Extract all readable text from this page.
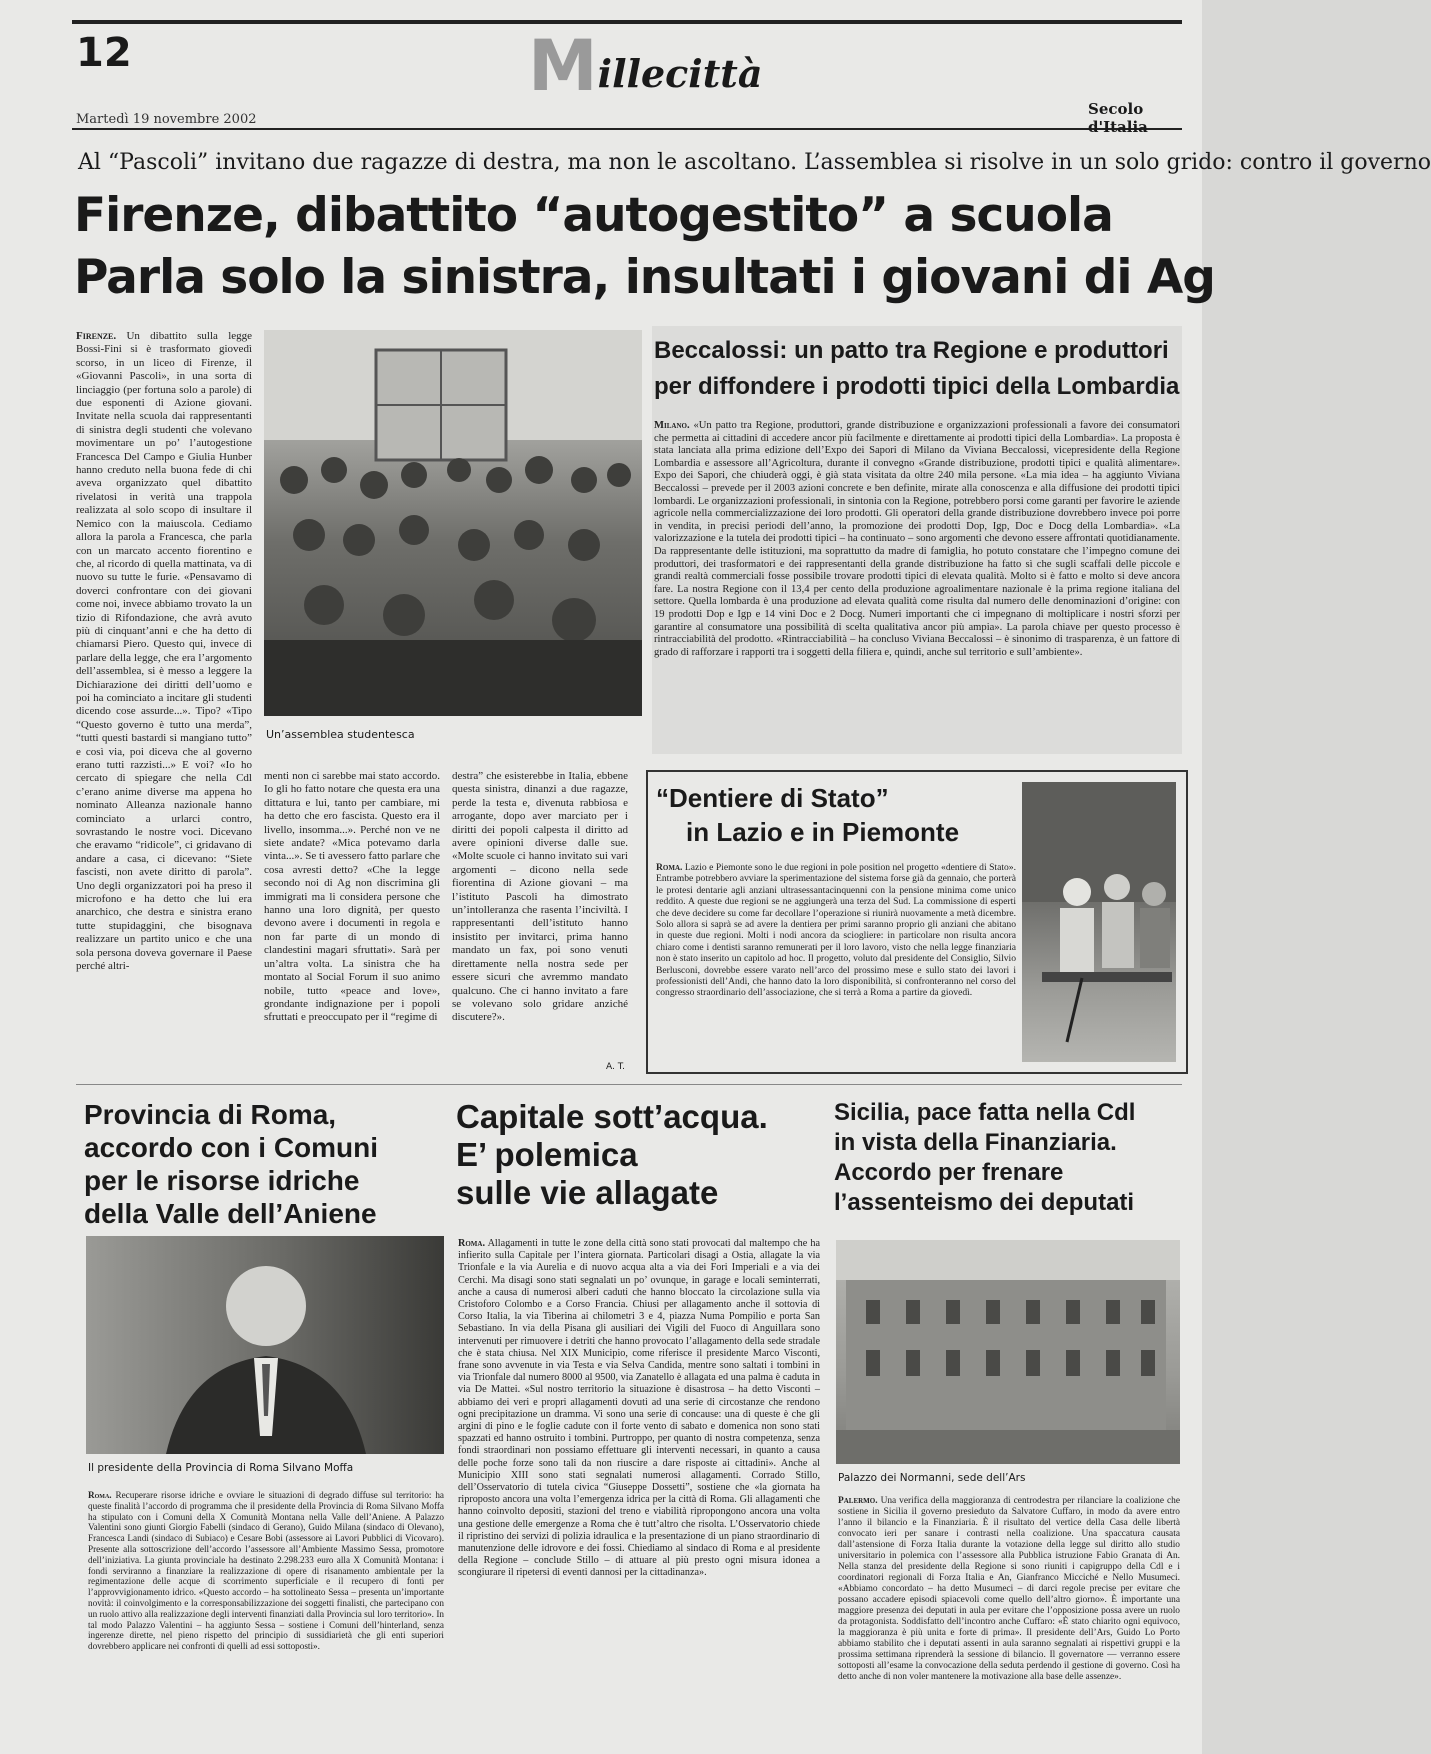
12	M illecittà
Martedì 19 novembre 2002
Secolo d'Italia
Al “Pascoli” invitano due ragazze di destra, ma non le ascoltano. L’assemblea si risolve in un solo grido: contro il governo
Firenze, dibattito “autogestito” a scuola
Parla solo la sinistra, insultati i giovani di Ag
Firenze. Un dibattito sulla legge Bossi-Fini si è trasformato giovedì scorso, in un liceo di Firenze, il «Giovanni Pascoli», in una sorta di linciaggio (per fortuna solo a parole) di due esponenti di Azione giovani. Invitate nella scuola dai rappresentanti di sinistra degli studenti che volevano movimentare un po’ l’autogestione Francesca Del Campo e Giulia Hunber hanno creduto nella buona fede di chi aveva organizzato quel dibattito rivelatosi in verità una trappola realizzata al solo scopo di insultare il Nemico con la maiuscola. Cediamo allora la parola a Francesca, che parla con un marcato accento fiorentino e che, al ricordo di quella mattinata, va di nuovo su tutte le furie. «Pensavamo di doverci confrontare con dei giovani come noi, invece abbiamo trovato la un tizio di Rifondazione, che avrà avuto più di cinquant’anni e che ha detto di chiamarsi Piero. Questo qui, invece di parlare della legge, che era l’argomento dell’assemblea, si è messo a leggere la Dichiarazione dei diritti dell’uomo e poi ha cominciato a incitare gli studenti dicendo cose assurde...». Tipo? «Tipo “Questo governo è tutto una merda”, “tutti questi bastardi si mangiano tutto” e così via, poi diceva che al governo erano tutti razzisti...» E voi? «Io ho cercato di spiegare che nella Cdl c’erano anime diverse ma appena ho nominato Alleanza nazionale hanno cominciato a urlarci contro, sovrastando le nostre voci. Dicevano che eravamo “ridicole”, ci gridavano di andare a casa, ci dicevano: “Siete fascisti, non avete diritto di parola”. Uno degli organizzatori poi ha preso il microfono e ha detto che lui era anarchico, che destra e sinistra erano tutte stupidaggini, che bisognava realizzare un partito unico e che una sola persona doveva governare il Paese perché altri-
Un’assemblea studentesca
menti non ci sarebbe mai stato accordo. Io gli ho fatto notare che questa era una dittatura e lui, tanto per cambiare, mi ha detto che ero fascista. Questo era il livello, insomma...». Perché non ve ne siete andate? «Mica potevamo darla vinta...». Se ti avessero fatto parlare che cosa avresti detto? «Che la legge secondo noi di Ag non discrimina gli immigrati ma li considera persone che hanno una loro dignità, per questo devono avere i documenti in regola e non far parte di un mondo di clandestini magari sfruttati». Sarà per un’altra volta. La sinistra che ha montato al Social Forum il suo animo nobile, tutto «peace and love», grondante indignazione per i popoli sfruttati e preoccupato per il “regime di
destra” che esisterebbe in Italia, ebbene questa sinistra, dinanzi a due ragazze, perde la testa e, divenuta rabbiosa e arrogante, dopo aver marciato per i diritti dei popoli calpesta il diritto ad avere opinioni diverse dalle sue. «Molte scuole ci hanno invitato sui vari argomenti – dicono nella sede fiorentina di Azione giovani – ma l’istituto Pascoli ha dimostrato un’intolleranza che rasenta l’inciviltà. I rappresentanti dell’istituto hanno insistito per invitarci, prima hanno mandato un fax, poi sono venuti direttamente nella nostra sede per essere sicuri che avremmo mandato qualcuno. Che ci hanno invitato a fare se volevano solo gridare anziché discutere?».
A. T.
Beccalossi: un patto tra Regione e produttori
per diffondere i prodotti tipici della Lombardia
Milano. «Un patto tra Regione, produttori, grande distribuzione e organizzazioni professionali a favore dei consumatori che permetta ai cittadini di accedere ancor più facilmente e direttamente ai prodotti tipici della Lombardia». La proposta è stata lanciata alla prima edizione dell’Expo dei Sapori di Milano da Viviana Beccalossi, vicepresidente della Regione Lombardia e assessore all’Agricoltura, durante il convegno «Grande distribuzione, prodotti tipici e qualità alimentare». Expo dei Sapori, che chiuderà oggi, è già stata visitata da oltre 240 mila persone. «La mia idea – ha aggiunto Viviana Beccalossi – prevede per il 2003 azioni concrete e ben definite, mirate alla conoscenza e alla diffusione dei prodotti tipici lombardi. Le organizzazioni professionali, in sintonia con la Regione, potrebbero porsi come garanti per favorire le aziende agricole nella commercializzazione dei loro prodotti. Gli operatori della grande distribuzione dovrebbero invece poi porre in vendita, in precisi periodi dell’anno, la promozione dei prodotti Dop, Igp, Doc e Docg della Lombardia». «La valorizzazione e la tutela dei prodotti tipici – ha continuato – sono argomenti che devono essere affrontati quotidianamente. Da rappresentante delle istituzioni, ma soprattutto da madre di famiglia, ho potuto constatare che l’impegno comune dei produttori, dei trasformatori e dei rappresentanti della grande distribuzione ha fatto sì che sugli scaffali delle piccole e grandi realtà commerciali fosse possibile trovare prodotti tipici di elevata qualità. Molto si è fatto e molto si deve ancora fare. La nostra Regione con il 13,4 per cento della produzione agroalimentare nazionale è la prima regione italiana del settore. Quella lombarda è una produzione ad elevata qualità come risulta dal numero delle denominazioni d’origine: con 19 prodotti Dop e Igp e 14 vini Doc e 2 Docg. Numeri importanti che ci impegnano di moltiplicare i nostri sforzi per garantire al consumatore una possibilità di scelta qualitativa ancor più ampia». La parola chiave per questo processo è rintracciabilità del prodotto. «Rintracciabilità – ha concluso Viviana Beccalossi – è sinonimo di trasparenza, è un fattore di grado di rafforzare i rapporti tra i soggetti della filiera e, quindi, anche sul territorio e sull’ambiente».
“Dentiere di Stato”
in Lazio e in Piemonte
Roma. Lazio e Piemonte sono le due regioni in pole position nel progetto «dentiere di Stato». Entrambe potrebbero avviare la sperimentazione del sistema forse già da gennaio, che porterà le protesi dentarie agli anziani ultrasessantacinquenni con la pensione minima come unico reddito. A queste due regioni se ne aggiungerà una terza del Sud. La commissione di esperti che deve decidere su come far decollare l’operazione si riunirà nuovamente a metà dicembre. Solo allora si saprà se ad avere la dentiera per primi saranno proprio gli anziani che abitano in queste due regioni. Molti i nodi ancora da sciogliere: in particolare non risulta ancora chiaro come i dentisti saranno remunerati per il loro lavoro, visto che nella legge finanziaria non è stato inserito un capitolo ad hoc. Il progetto, voluto dal presidente del Consiglio, Silvio Berlusconi, dovrebbe essere varato nell’arco del prossimo mese e sullo stato dei lavori i professionisti dell’Andi, che hanno dato la loro disponibilità, si confronteranno nel corso del congresso straordinario dell’associazione, che si terrà a Roma a partire da giovedì.
Provincia di Roma,
accordo con i Comuni
per le risorse idriche
della Valle dell’Aniene
Il presidente della Provincia di Roma Silvano Moffa
Roma. Recuperare risorse idriche e ovviare le situazioni di degrado diffuse sul territorio: ha queste finalità l’accordo di programma che il presidente della Provincia di Roma Silvano Moffa ha stipulato con i Comuni della X Comunità Montana nella Valle dell’Aniene. A Palazzo Valentini sono giunti Giorgio Fabelli (sindaco di Gerano), Guido Milana (sindaco di Olevano), Francesca Landi (sindaco di Subiaco) e Cesare Bobi (assessore ai Lavori Pubblici di Vicovaro). Presente alla sottoscrizione dell’accordo l’assessore all’Ambiente Massimo Sessa, promotore dell’iniziativa. La giunta provinciale ha destinato 2.298.233 euro alla X Comunità Montana: i fondi serviranno a finanziare la realizzazione di opere di risanamento ambientale per la regimentazione delle acque di scorrimento superficiale e il recupero di fonti per l’approvvigionamento idrico. «Questo accordo – ha sottolineato Sessa – presenta un’importante novità: il coinvolgimento e la corresponsabilizzazione dei soggetti finalisti, che partecipano con un ruolo attivo alla realizzazione degli interventi finanziati dalla Provincia sul loro territorio». In tal modo Palazzo Valentini – ha aggiunto Sessa – sostiene i Comuni dell’hinterland, senza ingerenze dirette, nel pieno rispetto del principio di sussidiarietà che gli enti superiori dovrebbero applicare nei confronti di quelli ad essi sottoposti».
Capitale sott’acqua.
E’ polemica
sulle vie allagate
Roma. Allagamenti in tutte le zone della città sono stati provocati dal maltempo che ha infierito sulla Capitale per l’intera giornata. Particolari disagi a Ostia, allagate la via Trionfale e la via Aurelia e di nuovo acqua alta a via dei Fori Imperiali e a via dei Cerchi. Ma disagi sono stati segnalati un po’ ovunque, in garage e locali seminterrati, anche a causa di numerosi alberi caduti che hanno bloccato la circolazione sulla via Cristoforo Colombo e a Corso Francia. Chiusi per allagamento anche il sottovia di Corso Italia, la via Tiberina ai chilometri 3 e 4, piazza Numa Pompilio e porta San Sebastiano. In via della Pisana gli ausiliari dei Vigili del Fuoco di Anguillara sono intervenuti per rimuovere i detriti che hanno provocato l’allagamento della sede stradale che è stata chiusa. Nel XIX Municipio, come riferisce il presidente Marco Visconti, frane sono avvenute in via Testa e via Selva Candida, mentre sono saltati i tombini in via Trionfale dal numero 8000 al 9500, via Zanatello è allagata ed una palma è caduta in via De Mattei. «Sul nostro territorio la situazione è disastrosa – ha detto Visconti – abbiamo dei veri e propri allagamenti dovuti ad una serie di circostanze che rendono ogni precipitazione un dramma. Vi sono una serie di concause: una di queste è che gli argini di pino e le foglie cadute con il forte vento di sabato e domenica non sono stati spazzati ed hanno ostruito i tombini. Purtroppo, per quanto di nostra competenza, senza fondi straordinari non possiamo effettuare gli interventi necessari, in quanto a causa delle poche forze sono tali da non riuscire a dare risposte ai cittadini». Anche al Municipio XIII sono stati segnalati numerosi allagamenti. Corrado Stillo, dell’Osservatorio di tutela civica “Giuseppe Dossetti”, sostiene che «la giornata ha riproposto ancora una volta l’emergenza idrica per la città di Roma. Gli allagamenti che hanno coinvolto depositi, stazioni del treno e viabilità ripropongono ancora una volta una gestione delle emergenze a Roma che è tutt’altro che risolta. L’Osservatorio chiede il ripristino dei servizi di polizia idraulica e la presentazione di un piano straordinario di manutenzione delle idrovore e dei fossi. Chiediamo al sindaco di Roma e al presidente della Regione – conclude Stillo – di attuare al più presto ogni misura idonea a scongiurare il ripetersi di eventi dannosi per la cittadinanza».
Sicilia, pace fatta nella Cdl
in vista della Finanziaria.
Accordo per frenare
l’assenteismo dei deputati
Palazzo dei Normanni, sede dell’Ars
Palermo. Una verifica della maggioranza di centrodestra per rilanciare la coalizione che sostiene in Sicilia il governo presieduto da Salvatore Cuffaro, in modo da avere entro l’anno il bilancio e la Finanziaria. È il risultato del vertice della Casa delle libertà convocato ieri per sanare i contrasti nella coalizione. Una spaccatura causata dall’astensione di Forza Italia durante la votazione della legge sul diritto allo studio universitario in polemica con l’assessore alla Pubblica istruzione Fabio Granata di An. Nella stanza del presidente della Regione si sono riuniti i capigruppo della Cdl e i coordinatori regionali di Forza Italia e An, Gianfranco Micciché e Nello Musumeci. «Abbiamo concordato – ha detto Musumeci – di darci regole precise per evitare che possano accadere episodi spiacevoli come quello dell’altro giorno». È importante una maggiore presenza dei deputati in aula per evitare che l’opposizione possa avere un ruolo da protagonista. Soddisfatto dell’incontro anche Cuffaro: «È stato chiarito ogni equivoco, la maggioranza è più unita e forte di prima». Il presidente dell’Ars, Guido Lo Porto abbiamo stabilito che i deputati assenti in aula saranno segnalati ai rispettivi gruppi e la prossima settimana riprenderà la sessione di bilancio. Il governatore — verranno essere sottoposti all’esame la convocazione della seduta perdendo il gestione di governo. Così ha detto anche di non voler mantenere la motivazione alla base delle assenze».
